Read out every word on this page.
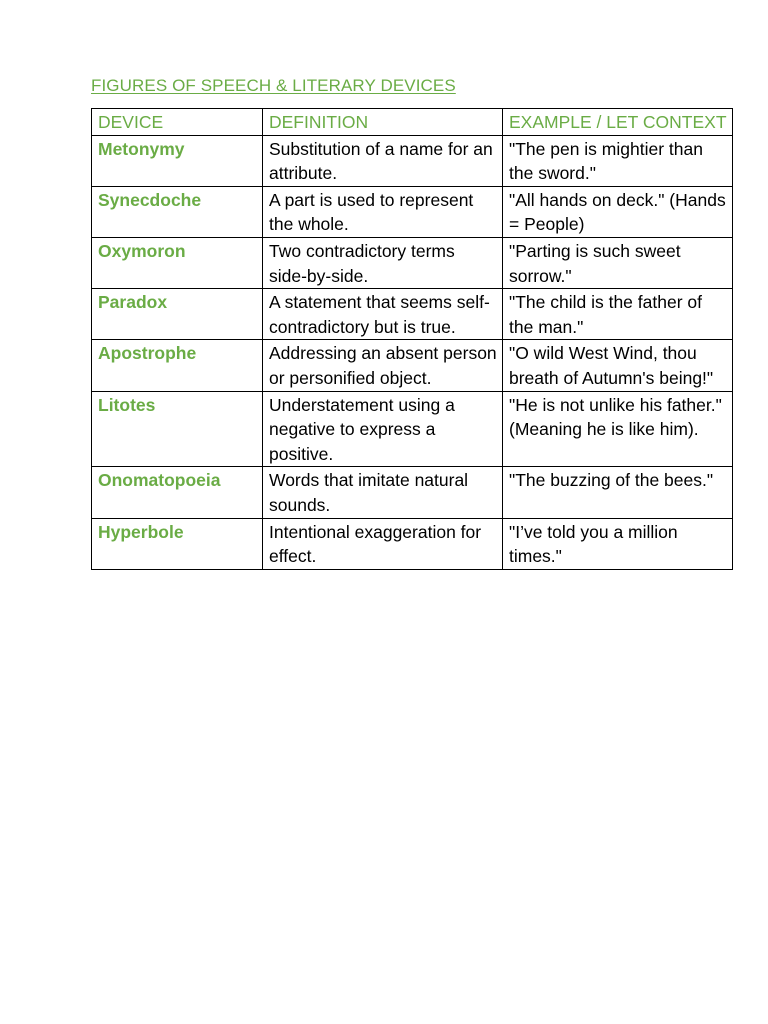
FIGURES OF SPEECH & LITERARY DEVICES
DEVICE	DEFINITION	EXAMPLE / LET CONTEXT
Metonymy	Substitution of a name for an attribute.	"The pen is mightier than the sword."
Synecdoche	A part is used to represent the whole.	"All hands on deck." (Hands = People)
Oxymoron	Two contradictory terms side-by-side.	"Parting is such sweet sorrow."
Paradox	A statement that seems self-contradictory but is true.	"The child is the father of the man."
Apostrophe	Addressing an absent person or personified object.	"O wild West Wind, thou breath of Autumn's being!"
Litotes	Understatement using a negative to express a positive.	"He is not unlike his father." (Meaning he is like him).
Onomatopoeia	Words that imitate natural sounds.	"The buzzing of the bees."
Hyperbole	Intentional exaggeration for effect.	"I’ve told you a million times."
